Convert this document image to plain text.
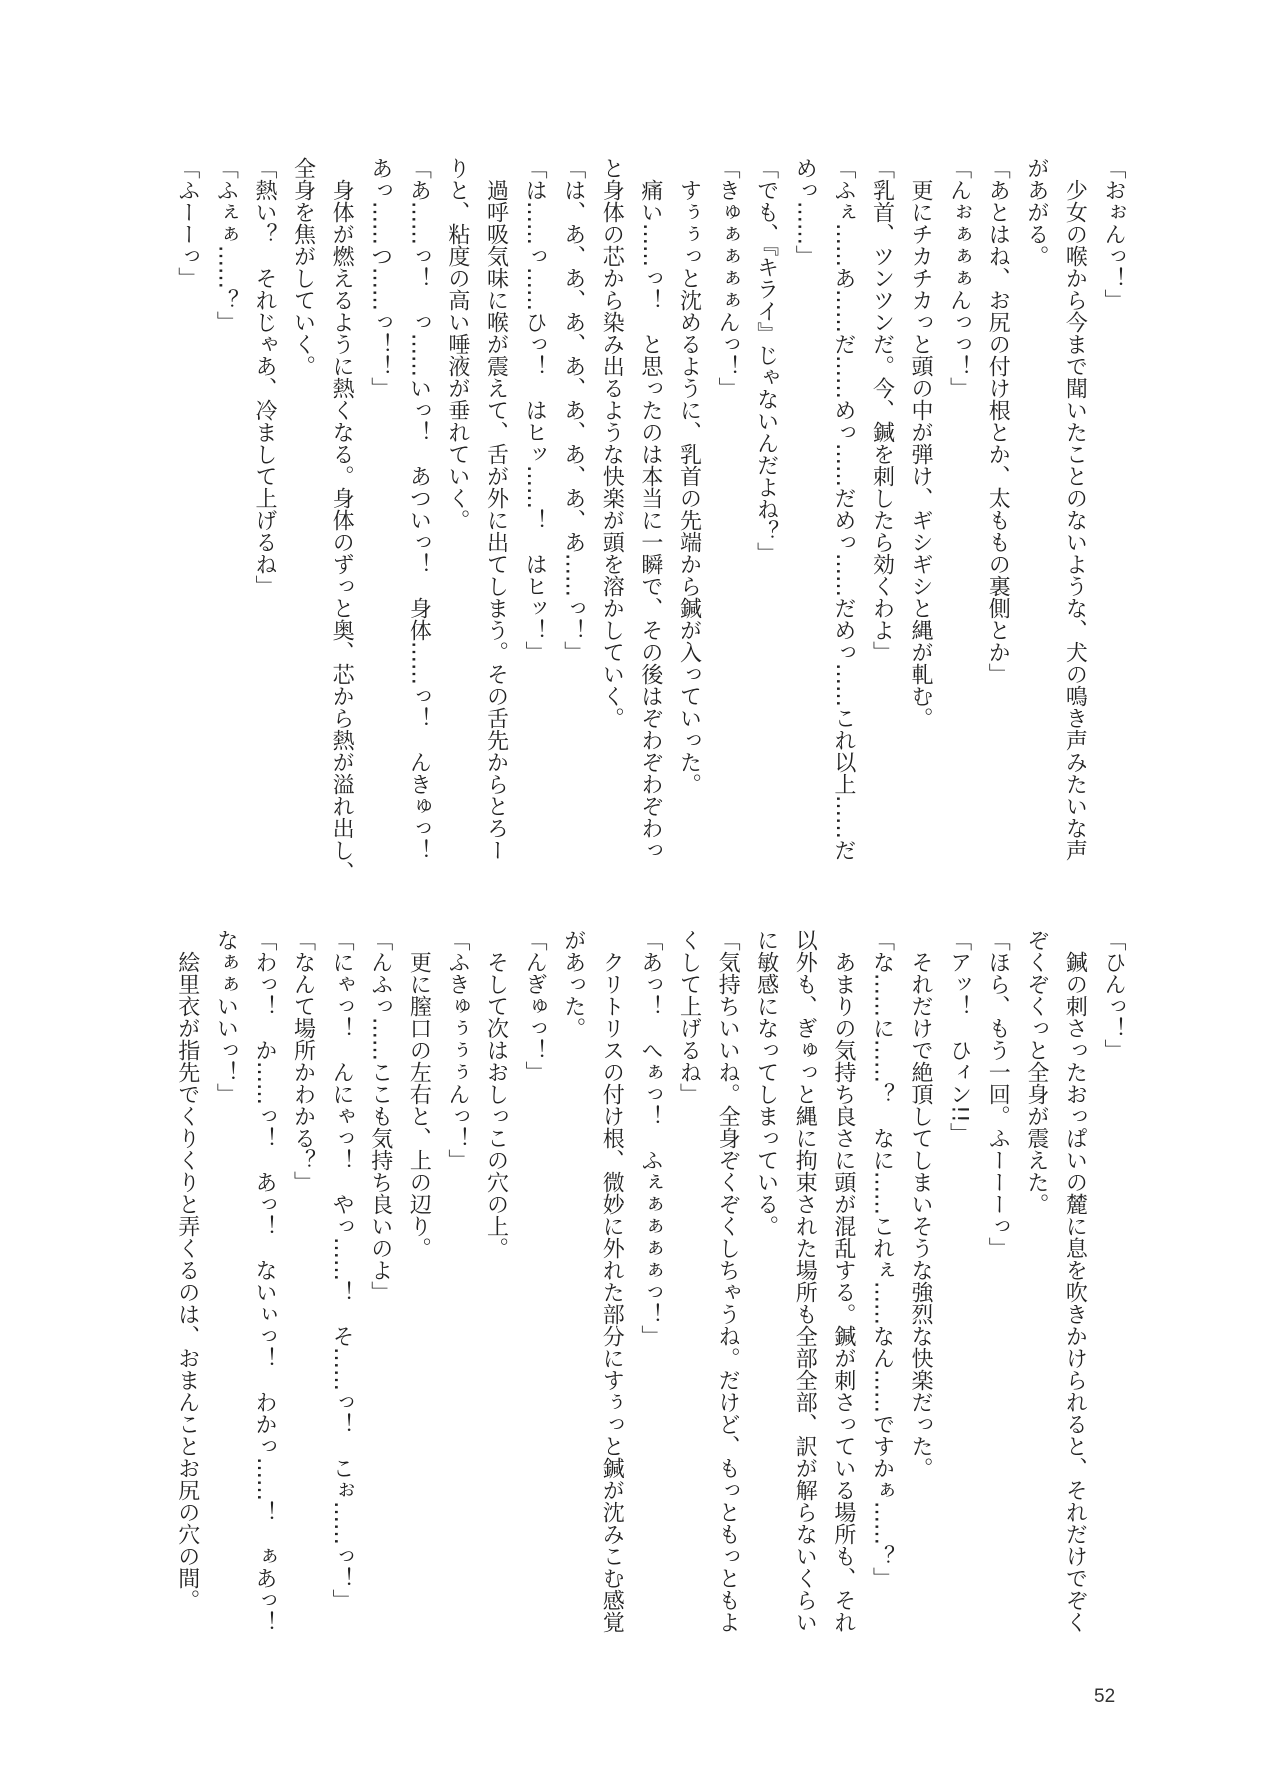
「おぉんっ！」
　少女の喉から今まで聞いたことのないような、犬の鳴き声みたいな声
があがる。
「あとはね、お尻の付け根とか、太ももの裏側とか」
「んぉぁぁぁんっっ！」
　更にチカチカっと頭の中が弾け、ギシギシと縄が軋む。
「乳首、ツンツンだ。今、鍼を刺したら効くわよ」
「ふぇ……あ……だ……めっ……だめっ……だめっ……これ以上……だ
めっ……」
「でも、『キライ』じゃないんだよね？」
「きゅぁぁぁぁんっ！」
　すぅぅっと沈めるように、乳首の先端から鍼が入っていった。
　痛い……っ！　と思ったのは本当に一瞬で、その後はぞわぞわぞわっ
と身体の芯から染み出るような快楽が頭を溶かしていく。
「は、あ、あ、あ、あ、あ、あ、あ、あ……っ！」
「は……っ……ひっ！　はヒッ……！　はヒッ！」
　過呼吸気味に喉が震えて、舌が外に出てしまう。その舌先からとろー
りと、粘度の高い唾液が垂れていく。
「あ……っ！　っ……いっ！　あついっ！　身体……っ！　んきゅっ！
あっ……つ……っ！！」
　身体が燃えるように熱くなる。身体のずっと奥、芯から熱が溢れ出し、
全身を焦がしていく。
「熱い？　それじゃあ、冷まして上げるね」
「ふぇぁ……？」
「ふーーっ」
「ひんっ！」
　鍼の刺さったおっぱいの麓に息を吹きかけられると、それだけでぞく
ぞくぞくっと全身が震えた。
「ほら、もう一回。ふーーーっ」
「アッ！　ひィン!!」
　それだけで絶頂してしまいそうな強烈な快楽だった。
「な……に……？　なに……これぇ……なん……ですかぁ……？」
　あまりの気持ち良さに頭が混乱する。鍼が刺さっている場所も、それ
以外も、ぎゅっと縄に拘束された場所も全部全部、訳が解らないくらい
に敏感になってしまっている。
「気持ちいいね。全身ぞくぞくしちゃうね。だけど、もっともっともよ
くして上げるね」
「あっ！　へぁっ！　ふぇぁぁぁぁっ！」
　クリトリスの付け根、微妙に外れた部分にすぅっと鍼が沈みこむ感覚
があった。
「んぎゅっ！」
　そして次はおしっこの穴の上。
「ふきゅぅぅぅんっ！」
　更に膣口の左右と、上の辺り。
「んふっ……ここも気持ち良いのよ」
「にゃっ！　んにゃっ！　やっ……！　そ……っ！　こぉ……っ！」
「なんて場所かわかる？」
「わっ！　か……っ！　あっ！　ないぃっ！　わかっ……！　ぁあっ！
なぁぁいいっ！」
　絵里衣が指先でくりくりと弄くるのは、おまんことお尻の穴の間。
52
